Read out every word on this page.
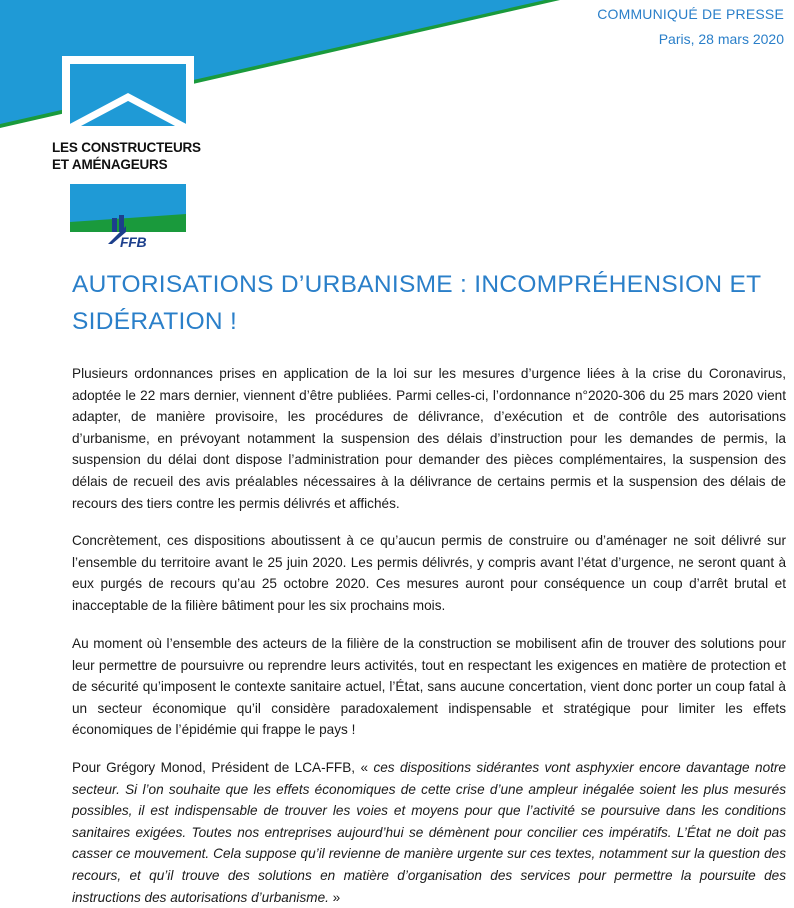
LES CONSTRUCTEURS
ET AMÉNAGEURS
FFB
COMMUNIQUÉ DE PRESSE
Paris, 28 mars 2020
AUTORISATIONS D’URBANISME : INCOMPRÉHENSION ET SIDÉRATION !

Plusieurs ordonnances prises en application de la loi sur les mesures d’urgence liées à la crise du Coronavirus, adoptée le 22 mars dernier, viennent d’être publiées. Parmi celles-ci, l’ordonnance n°2020-306 du 25 mars 2020 vient adapter, de manière provisoire, les procédures de délivrance, d’exécution et de contrôle des autorisations d’urbanisme, en prévoyant notamment la suspension des délais d’instruction pour les demandes de permis, la suspension du délai dont dispose l’administration pour demander des pièces complémentaires, la suspension des délais de recueil des avis préalables nécessaires à la délivrance de certains permis et la suspension des délais de recours des tiers contre les permis délivrés et affichés.

Concrètement, ces dispositions aboutissent à ce qu’aucun permis de construire ou d’aménager ne soit délivré sur l’ensemble du territoire avant le 25 juin 2020. Les permis délivrés, y compris avant l’état d’urgence, ne seront quant à eux purgés de recours qu’au 25 octobre 2020. Ces mesures auront pour conséquence un coup d’arrêt brutal et inacceptable de la filière bâtiment pour les six prochains mois.

Au moment où l’ensemble des acteurs de la filière de la construction se mobilisent afin de trouver des solutions pour leur permettre de poursuivre ou reprendre leurs activités, tout en respectant les exigences en matière de protection et de sécurité qu’imposent le contexte sanitaire actuel, l’État, sans aucune concertation, vient donc porter un coup fatal à un secteur économique qu’il considère paradoxalement indispensable et stratégique pour limiter les effets économiques de l’épidémie qui frappe le pays !

Pour Grégory Monod, Président de LCA-FFB, « ces dispositions sidérantes vont asphyxier encore davantage notre secteur. Si l’on souhaite que les effets économiques de cette crise d’une ampleur inégalée soient les plus mesurés possibles, il est indispensable de trouver les voies et moyens pour que l’activité se poursuive dans les conditions sanitaires exigées. Toutes nos entreprises aujourd’hui se démènent pour concilier ces impératifs. L’État ne doit pas casser ce mouvement. Cela suppose qu’il revienne de manière urgente sur ces textes, notamment sur la question des recours, et qu’il trouve des solutions en matière d’organisation des services pour permettre la poursuite des instructions des autorisations d’urbanisme. »
